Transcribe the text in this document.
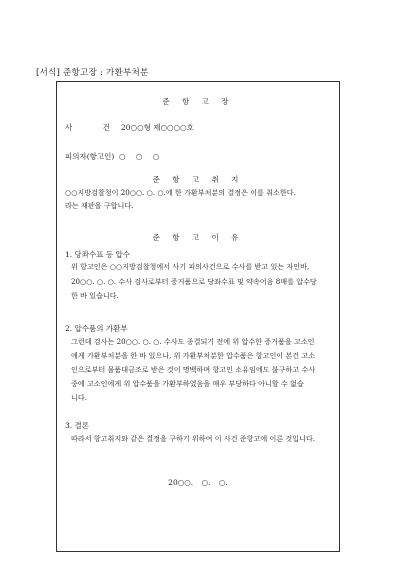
[서식] 준항고장 : 가환부처분
준 항 고 장
사 건 20○○형 제○○○○호
피의자(항고인) ○ ○ ○
준 항 고 취 지
○○지방검찰청이 20○○. ○. ○.에 한 가환부처분의 결정은 이를 취소한다.
라는 재판을 구합니다.
준 항 고 이 유
1. 당좌수표 등 압수
위 항고인은 ○○지방검찰청에서 사기 피의사건으로 수사를 받고 있는 자인바,
20○○. ○. ○. 수사 검사로부터 증거품으로 당좌수표 및 약속어음 8매를 압수당
한 바 있습니다.
2. 압수품의 가환부
그런데 검사는 20○○. ○. ○. 수사도 종결되기 전에 위 압수한 증거품을 고소인
에게 가환부처분을 한 바 있으나, 위 가환부처분한 압수품은 항고인이 본건 고소
인으로부터 물품대금조로 받은 것이 명백하며 항고인 소유임에도 불구하고 수사
중에 고소인에게 위 압수품을 가환부하였음을 매우 부당하다 아니할 수 없습
니다.
3. 결론
따라서 항고취지와 같은 결정을 구하기 위하여 이 사건 준항고에 이른 것입니다.
20○○. ○. ○.
